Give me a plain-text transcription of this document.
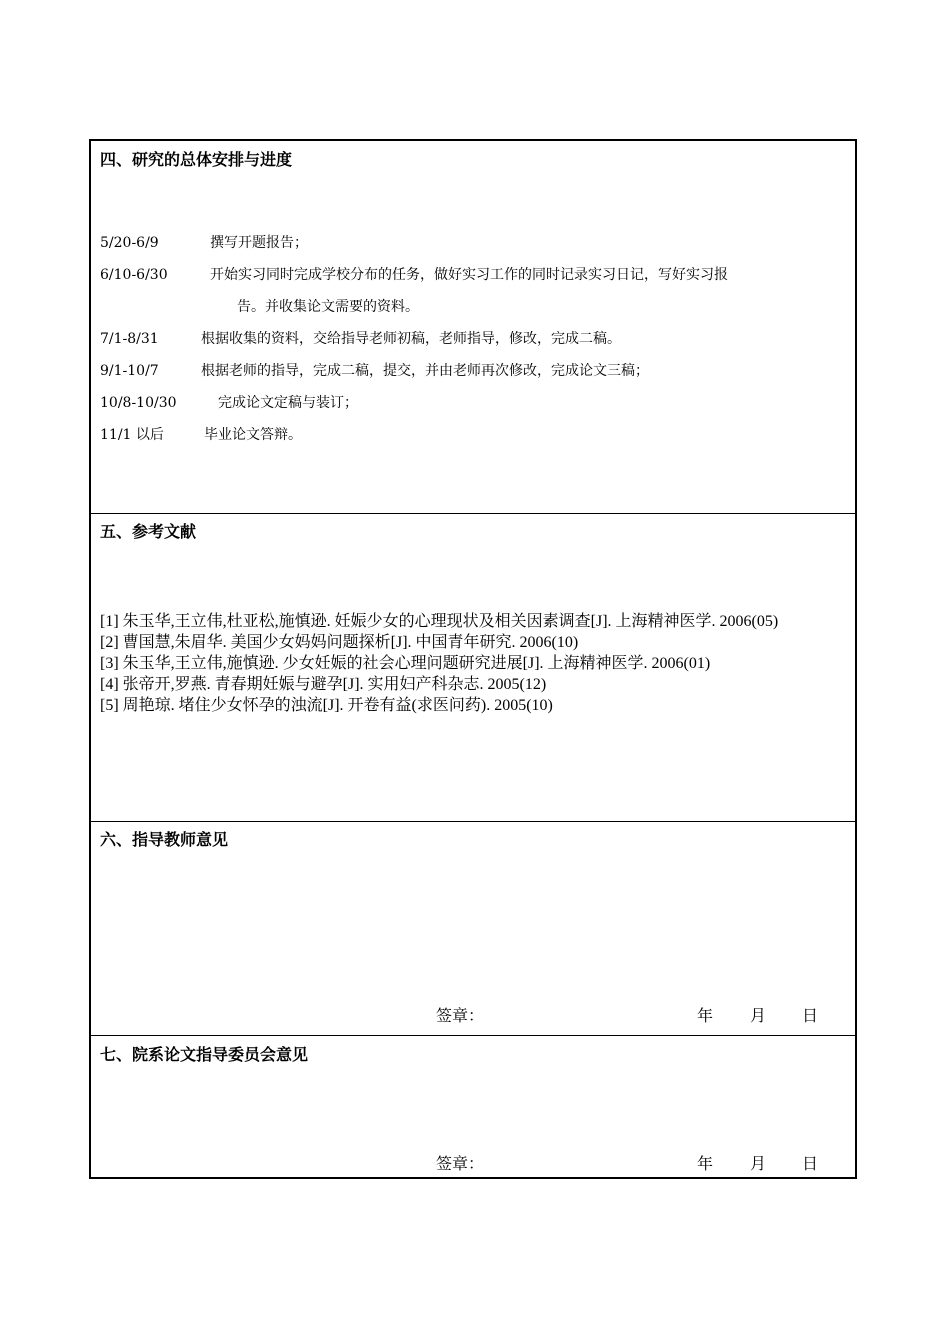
四、研究的总体安排与进度
5/20-6/9	撰写开题报告；
6/10-6/30	开始实习同时完成学校分布的任务，做好实习工作的同时记录实习日记，写好实习报
告。并收集论文需要的资料。
7/1-8/31	根据收集的资料，交给指导老师初稿，老师指导，修改，完成二稿。
9/1-10/7	根据老师的指导，完成二稿，提交，并由老师再次修改，完成论文三稿；
10/8-10/30	完成论文定稿与装订；
11/1 以后	毕业论文答辩。
五、参考文献
[1] 朱玉华,王立伟,杜亚松,施慎逊. 妊娠少女的心理现状及相关因素调查[J]. 上海精神医学. 2006(05)
[2] 曹国慧,朱眉华. 美国少女妈妈问题探析[J]. 中国青年研究. 2006(10)
[3] 朱玉华,王立伟,施慎逊. 少女妊娠的社会心理问题研究进展[J]. 上海精神医学. 2006(01)
[4] 张帝开,罗燕. 青春期妊娠与避孕[J]. 实用妇产科杂志. 2005(12)
[5] 周艳琼. 堵住少女怀孕的浊流[J]. 开卷有益(求医问药). 2005(10)
六、指导教师意见
签章：	年 月 日
七、院系论文指导委员会意见
签章：	年 月 日
